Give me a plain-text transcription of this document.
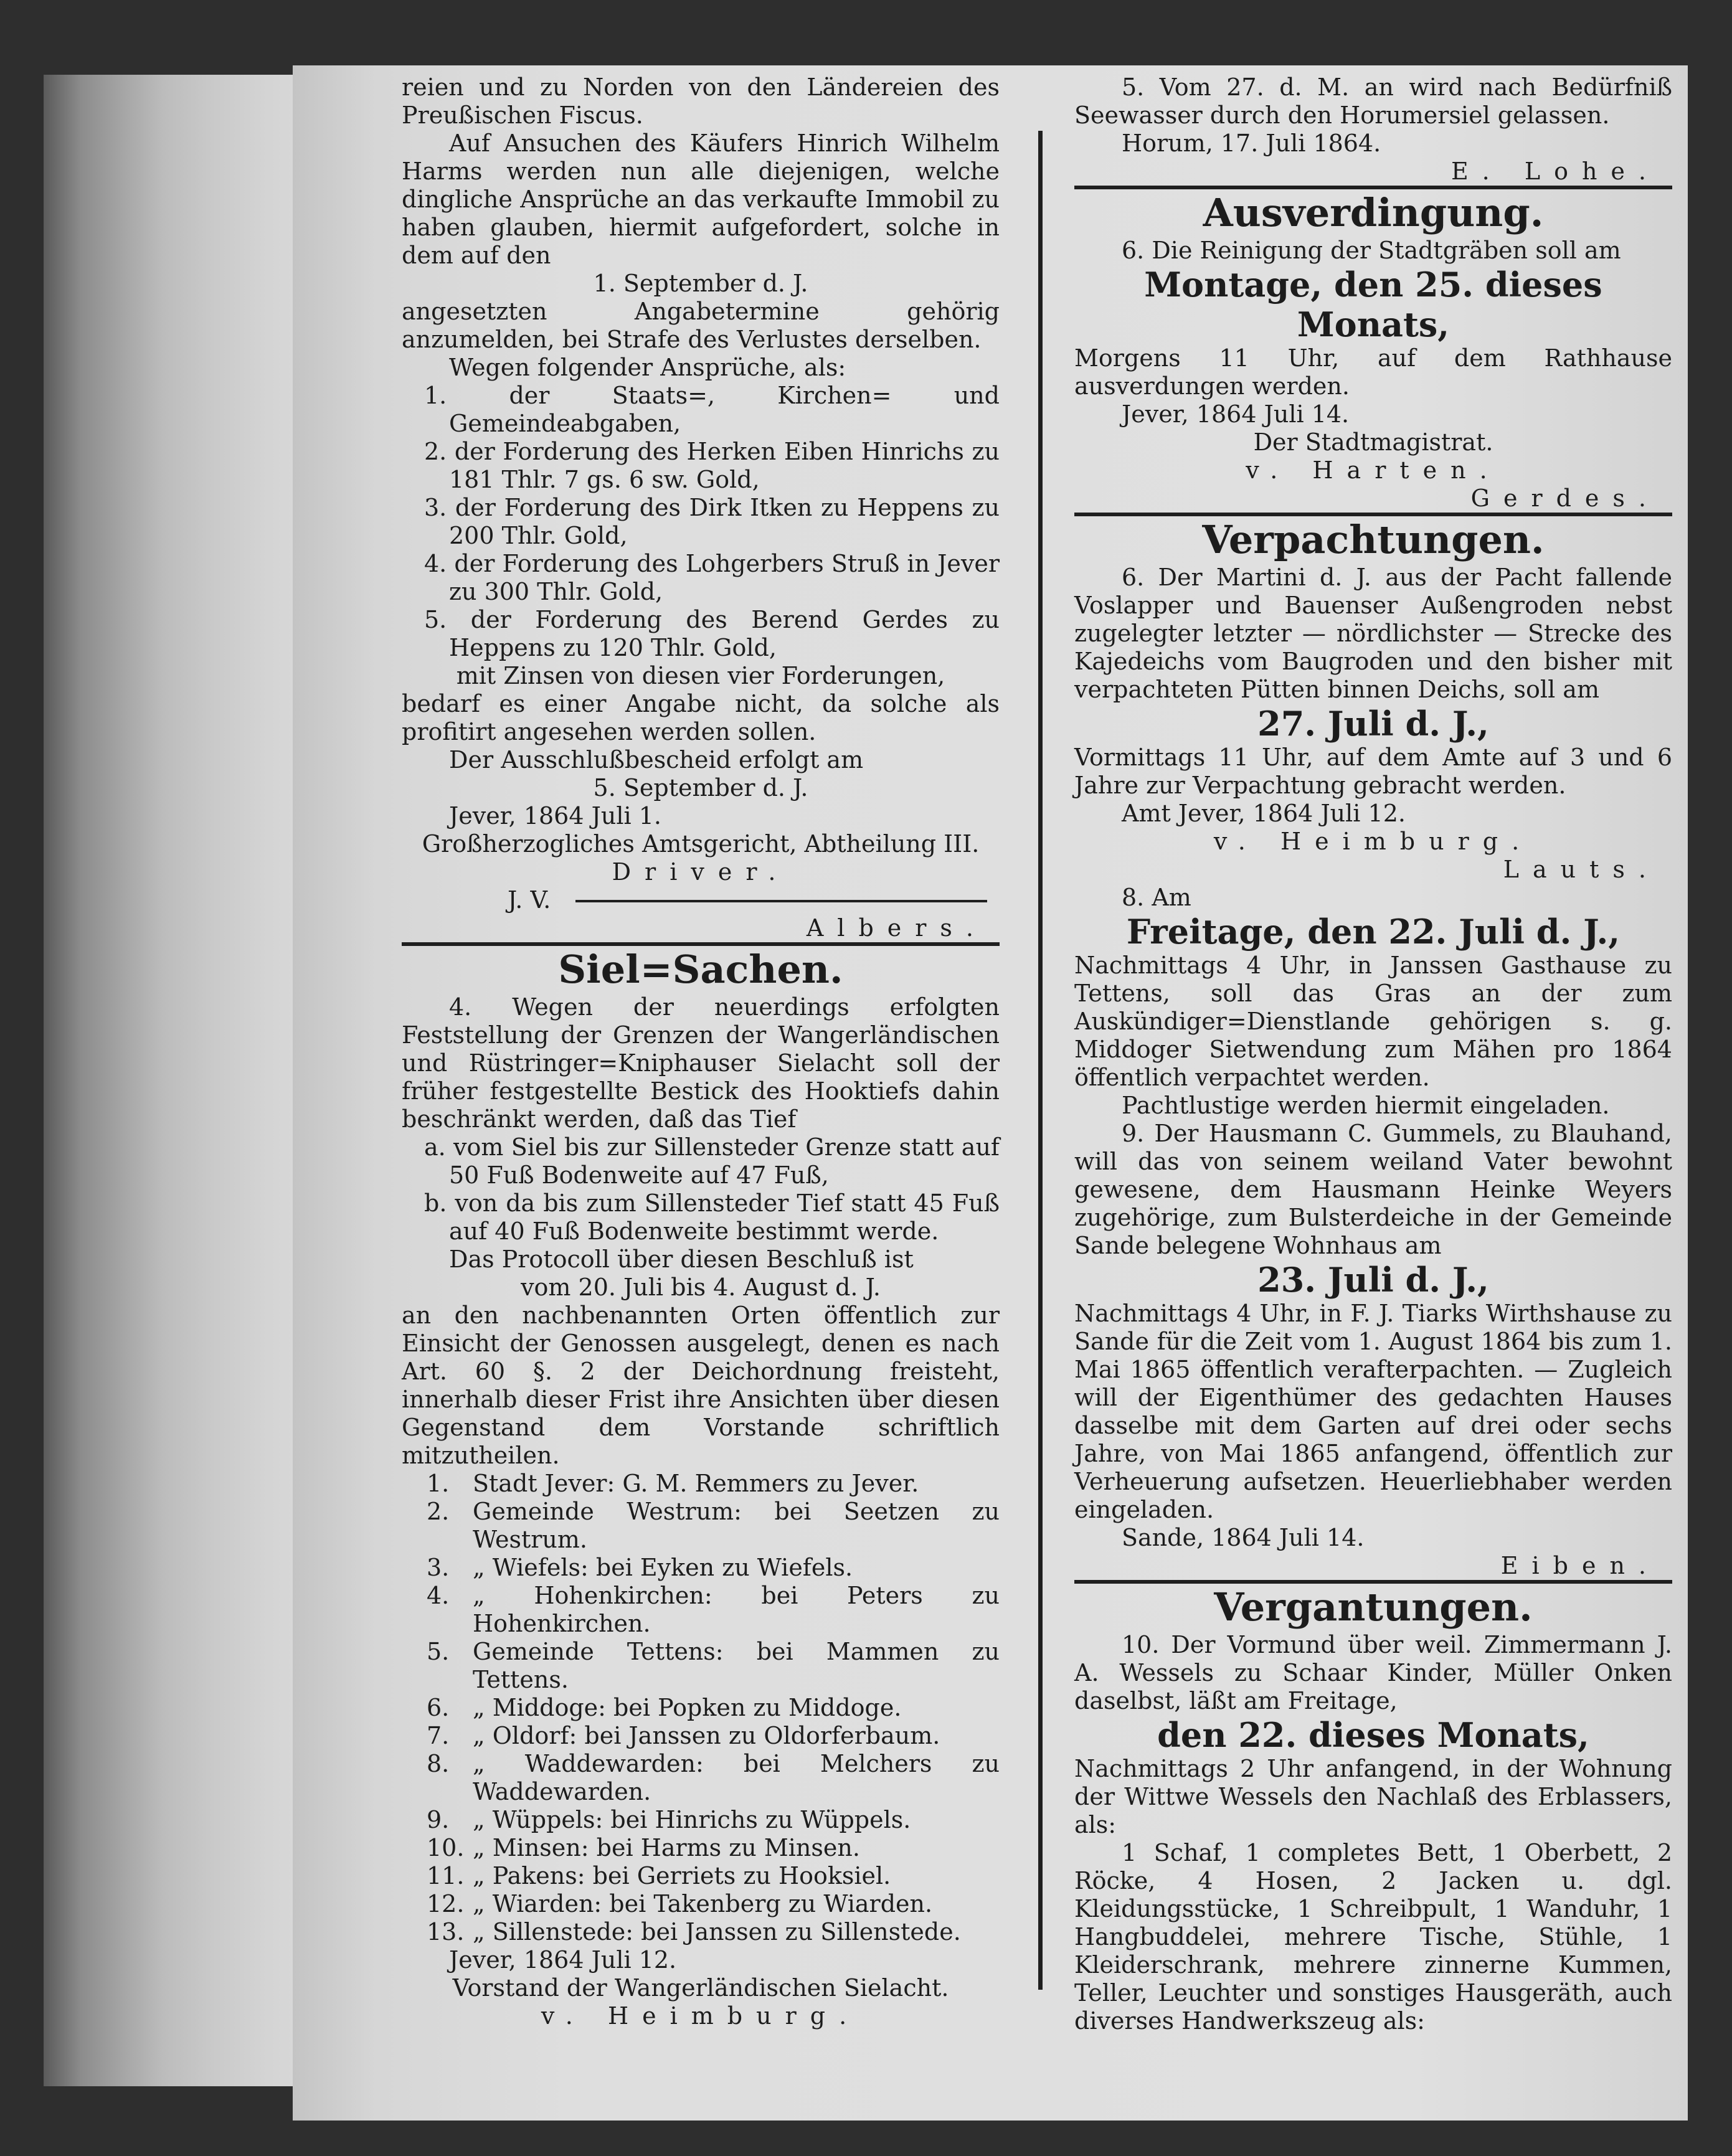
reien und zu Norden von den Ländereien des Preußischen Fiscus.

Auf Ansuchen des Käufers Hinrich Wilhelm Harms werden nun alle diejenigen, welche dingliche Ansprüche an das verkaufte Immobil zu haben glauben, hiermit aufgefordert, solche in dem auf den

1. September d. J.

angesetzten Angabetermine gehörig anzumelden, bei Strafe des Verlustes derselben.

Wegen folgender Ansprüche, als:

1. der Staats=, Kirchen= und Gemeindeabgaben,

2. der Forderung des Herken Eiben Hinrichs zu 181 Thlr. 7 gs. 6 sw. Gold,

3. der Forderung des Dirk Itken zu Heppens zu 200 Thlr. Gold,

4. der Forderung des Lohgerbers Struß in Jever zu 300 Thlr. Gold,

5. der Forderung des Berend Gerdes zu Heppens zu 120 Thlr. Gold,

mit Zinsen von diesen vier Forderungen,

bedarf es einer Angabe nicht, da solche als profitirt angesehen werden sollen.

Der Ausschlußbescheid erfolgt am

5. September d. J.

Jever, 1864 Juli 1.

Großherzogliches Amtsgericht, Abtheilung III.

Driver.

J. V.

Albers.

Siel=Sachen.

4. Wegen der neuerdings erfolgten Feststellung der Grenzen der Wangerländischen und Rüstringer=Kniphauser Sielacht soll der früher festgestellte Bestick des Hooktiefs dahin beschränkt werden, daß das Tief

a. vom Siel bis zur Sillensteder Grenze statt auf 50 Fuß Bodenweite auf 47 Fuß,

b. von da bis zum Sillensteder Tief statt 45 Fuß auf 40 Fuß Bodenweite bestimmt werde.

Das Protocoll über diesen Beschluß ist

vom 20. Juli bis 4. August d. J.

an den nachbenannten Orten öffentlich zur Einsicht der Genossen ausgelegt, denen es nach Art. 60 §. 2 der Deichordnung freisteht, innerhalb dieser Frist ihre Ansichten über diesen Gegenstand dem Vorstande schriftlich mitzutheilen.

1. Stadt Jever: G. M. Remmers zu Jever.
2. Gemeinde Westrum: bei Seetzen zu Westrum.
3. „ Wiefels: bei Eyken zu Wiefels.
4. „ Hohenkirchen: bei Peters zu Hohenkirchen.
5. Gemeinde Tettens: bei Mammen zu Tettens.
6. „ Middoge: bei Popken zu Middoge.
7. „ Oldorf: bei Janssen zu Oldorferbaum.
8. „ Waddewarden: bei Melchers zu Waddewarden.
9. „ Wüppels: bei Hinrichs zu Wüppels.
10. „ Minsen: bei Harms zu Minsen.
11. „ Pakens: bei Gerriets zu Hooksiel.
12. „ Wiarden: bei Takenberg zu Wiarden.
13. „ Sillenstede: bei Janssen zu Sillenstede.

Jever, 1864 Juli 12.

Vorstand der Wangerländischen Sielacht.

v. Heimburg.

5. Vom 27. d. M. an wird nach Bedürfniß Seewasser durch den Horumersiel gelassen.

Horum, 17. Juli 1864.

E. Lohe.

Ausverdingung.

6. Die Reinigung der Stadtgräben soll am

Montage, den 25. dieses Monats,

Morgens 11 Uhr, auf dem Rathhause ausverdungen werden.

Jever, 1864 Juli 14.

Der Stadtmagistrat.

v. Harten.

Gerdes.

Verpachtungen.

6. Der Martini d. J. aus der Pacht fallende Voslapper und Bauenser Außengroden nebst zugelegter letzter — nördlichster — Strecke des Kajedeichs vom Baugroden und den bisher mit verpachteten Pütten binnen Deichs, soll am

27. Juli d. J.,

Vormittags 11 Uhr, auf dem Amte auf 3 und 6 Jahre zur Verpachtung gebracht werden.

Amt Jever, 1864 Juli 12.

v. Heimburg.

Lauts.

8. Am

Freitage, den 22. Juli d. J.,

Nachmittags 4 Uhr, in Janssen Gasthause zu Tettens, soll das Gras an der zum Auskündiger=Dienstlande gehörigen s. g. Middoger Sietwendung zum Mähen pro 1864 öffentlich verpachtet werden.

Pachtlustige werden hiermit eingeladen.

9. Der Hausmann C. Gummels, zu Blauhand, will das von seinem weiland Vater bewohnt gewesene, dem Hausmann Heinke Weyers zugehörige, zum Bulsterdeiche in der Gemeinde Sande belegene Wohnhaus am

23. Juli d. J.,

Nachmittags 4 Uhr, in F. J. Tiarks Wirthshause zu Sande für die Zeit vom 1. August 1864 bis zum 1. Mai 1865 öffentlich verafterpachten. — Zugleich will der Eigenthümer des gedachten Hauses dasselbe mit dem Garten auf drei oder sechs Jahre, von Mai 1865 anfangend, öffentlich zur Verheuerung aufsetzen. Heuerliebhaber werden eingeladen.

Sande, 1864 Juli 14.

Eiben.

Vergantungen.

10. Der Vormund über weil. Zimmermann J. A. Wessels zu Schaar Kinder, Müller Onken daselbst, läßt am Freitage,

den 22. dieses Monats,

Nachmittags 2 Uhr anfangend, in der Wohnung der Wittwe Wessels den Nachlaß des Erblassers, als:

1 Schaf, 1 completes Bett, 1 Oberbett, 2 Röcke, 4 Hosen, 2 Jacken u. dgl. Kleidungsstücke, 1 Schreibpult, 1 Wanduhr, 1 Hangbuddelei, mehrere Tische, Stühle, 1 Kleiderschrank, mehrere zinnerne Kummen, Teller, Leuchter und sonstiges Hausgeräth, auch diverses Handwerkszeug als:
